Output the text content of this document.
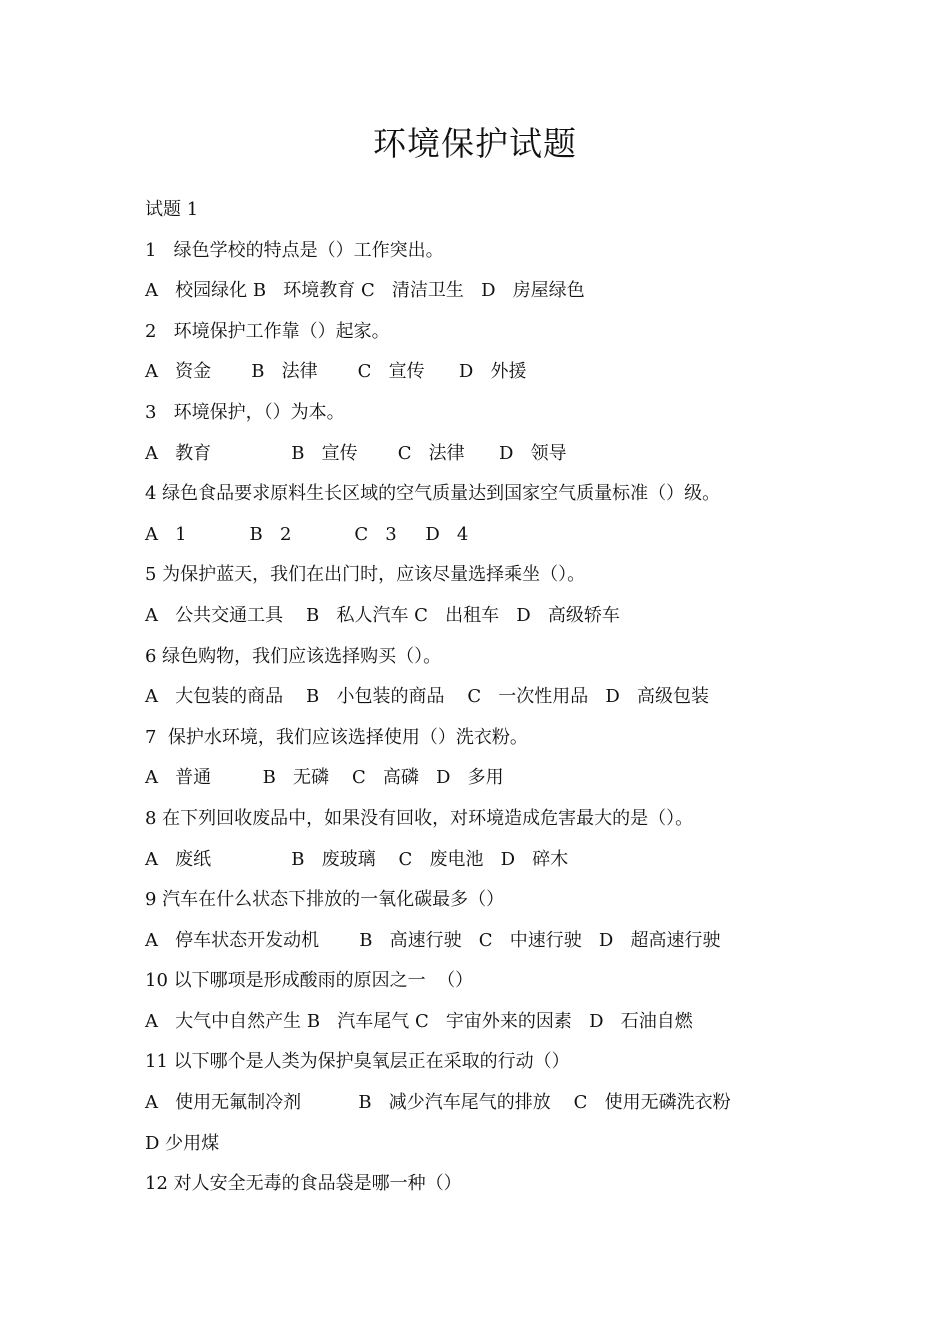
环境保护试题
试题 1
1   绿色学校的特点是（）工作突出。
A   校园绿化 B   环境教育 C   清洁卫生   D   房屋绿色
2   环境保护工作靠（）起家。
A   资金       B   法律       C   宣传      D   外援
3   环境保护，（）为本。
A   教育              B   宣传       C   法律      D   领导
4 绿色食品要求原料生长区域的空气质量达到国家空气质量标准（）级。
A   1           B   2           C   3     D   4
5 为保护蓝天，我们在出门时，应该尽量选择乘坐（）。
A   公共交通工具    B   私人汽车 C   出租车   D   高级轿车
6 绿色购物，我们应该选择购买（）。
A   大包装的商品    B   小包装的商品    C   一次性用品   D   高级包装
7  保护水环境，我们应该选择使用（）洗衣粉。
A   普通         B   无磷    C   高磷   D   多用
8 在下列回收废品中，如果没有回收，对环境造成危害最大的是（）。
A   废纸              B   废玻璃    C   废电池   D   碎木
9 汽车在什么状态下排放的一氧化碳最多（）
A   停车状态开发动机       B   高速行驶   C   中速行驶   D   超高速行驶
10 以下哪项是形成酸雨的原因之一  （）
A   大气中自然产生 B   汽车尾气 C   宇宙外来的因素   D   石油自燃
11 以下哪个是人类为保护臭氧层正在采取的行动（）
A   使用无氟制冷剂          B   减少汽车尾气的排放    C   使用无磷洗衣粉
D 少用煤
12 对人安全无毒的食品袋是哪一种（）
